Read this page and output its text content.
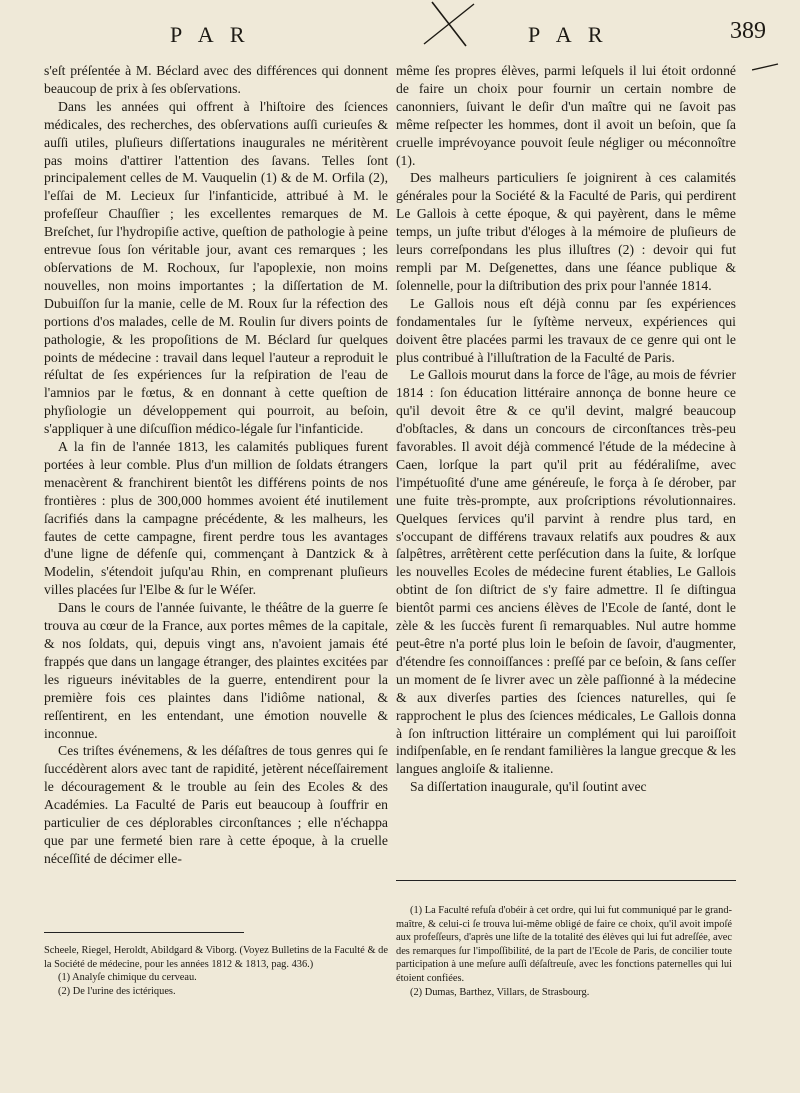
P A R	P A R	389

s'eſt préſentée à M. Béclard avec des différences qui donnent beaucoup de prix à ſes obſervations.

Dans les années qui offrent à l'hiſtoire des ſciences médicales, des recherches, des obſervations auſſi curieuſes & auſſi utiles, pluſieurs diſſertations inaugurales ne méritèrent pas moins d'attirer l'attention des ſavans. Telles ſont principalement celles de M. Vauquelin (1) & de M. Orfila (2), l'eſſai de M. Lecieux ſur l'infanticide, attribué à M. le profeſſeur Chauſſier ; les excellentes remarques de M. Breſchet, ſur l'hydropiſie active, queſtion de pathologie à peine entrevue ſous ſon véritable jour, avant ces remarques ; les obſervations de M. Rochoux, ſur l'apoplexie, non moins nouvelles, non moins importantes ; la diſſertation de M. Dubuiſſon ſur la manie, celle de M. Roux ſur la réfection des portions d'os malades, celle de M. Roulin ſur divers points de pathologie, & les propoſitions de M. Béclard ſur quelques points de médecine : travail dans lequel l'auteur a reproduit le réſultat de ſes expériences ſur la reſpiration de l'eau de l'amnios par le fœtus, & en donnant à cette queſtion de phyſiologie un développement qui pourroit, au beſoin, s'appliquer à une diſcuſſion médico-légale ſur l'infanticide.

A la fin de l'année 1813, les calamités publiques furent portées à leur comble. Plus d'un million de ſoldats étrangers menacèrent & franchirent bientôt les différens points de nos frontières : plus de 300,000 hommes avoient été inutilement ſacrifiés dans la campagne précédente, & les malheurs, les fautes de cette campagne, firent perdre tous les avantages d'une ligne de défenſe qui, commençant à Dantzick & à Modelin, s'étendoit juſqu'au Rhin, en comprenant pluſieurs villes placées ſur l'Elbe & ſur le Wéſer.

Dans le cours de l'année ſuivante, le théâtre de la guerre ſe trouva au cœur de la France, aux portes mêmes de la capitale, & nos ſoldats, qui, depuis vingt ans, n'avoient jamais été frappés que dans un langage étranger, des plaintes excitées par les rigueurs inévitables de la guerre, entendirent pour la première fois ces plaintes dans l'idiôme national, & reſſentirent, en les entendant, une émotion nouvelle & inconnue.

Ces triſtes événemens, & les déſaſtres de tous genres qui ſe ſuccédèrent alors avec tant de rapidité, jetèrent néceſſairement le découragement & le trouble au ſein des Ecoles & des Académies. La Faculté de Paris eut beaucoup à ſouffrir en particulier de ces déplorables circonſtances ; elle n'échappa que par une fermeté bien rare à cette époque, à la cruelle néceſſité de décimer elle-

même ſes propres élèves, parmi leſquels il lui étoit ordonné de faire un choix pour fournir un certain nombre de canonniers, ſuivant le deſir d'un maître qui ne ſavoit pas même reſpecter les hommes, dont il avoit un beſoin, que ſa cruelle imprévoyance pouvoit ſeule négliger ou méconnoître (1).

Des malheurs particuliers ſe joignirent à ces calamités générales pour la Société & la Faculté de Paris, qui perdirent Le Gallois à cette époque, & qui payèrent, dans le même temps, un juſte tribut d'éloges à la mémoire de pluſieurs de leurs correſpondans les plus illuſtres (2) : devoir qui fut rempli par M. Deſgenettes, dans une ſéance publique & ſolennelle, pour la diſtribution des prix pour l'année 1814.

Le Gallois nous eſt déjà connu par ſes expériences fondamentales ſur le ſyſtème nerveux, expériences qui doivent être placées parmi les travaux de ce genre qui ont le plus contribué à l'illuſtration de la Faculté de Paris.

Le Gallois mourut dans la force de l'âge, au mois de février 1814 : ſon éducation littéraire annonça de bonne heure ce qu'il devoit être & ce qu'il devint, malgré beaucoup d'obſtacles, & dans un concours de circonſtances très-peu favorables. Il avoit déjà commencé l'étude de la médecine à Caen, lorſque la part qu'il prit au fédéraliſme, avec l'impétuoſité d'une ame généreuſe, le força à ſe dérober, par une fuite très-prompte, aux proſcriptions révolutionnaires. Quelques ſervices qu'il parvint à rendre plus tard, en s'occupant de différens travaux relatifs aux poudres & aux ſalpêtres, arrêtèrent cette perſécution dans la ſuite, & lorſque les nouvelles Ecoles de médecine furent établies, Le Gallois obtint de ſon diſtrict de s'y faire admettre. Il ſe diſtingua bientôt parmi ces anciens élèves de l'Ecole de ſanté, dont le zèle & les ſuccès furent ſi remarquables. Nul autre homme peut-être n'a porté plus loin le beſoin de ſavoir, d'augmenter, d'étendre ſes connoiſſances : preſſé par ce beſoin, & ſans ceſſer un moment de ſe livrer avec un zèle paſſionné à la médecine & aux diverſes parties des ſciences naturelles, qui ſe rapprochent le plus des ſciences médicales, Le Gallois donna à ſon inſtruction littéraire un complément qui lui paroiſſoit indiſpenſable, en ſe rendant familières la langue grecque & les langues angloiſe & italienne.

Sa diſſertation inaugurale, qu'il ſoutint avec

Scheele, Riegel, Heroldt, Abildgard & Viborg. (Voyez Bulletins de la Faculté & de la Société de médecine, pour les années 1812 & 1813, pag. 436.)

(1) Analyſe chimique du cerveau.

(2) De l'urine des ictériques.

(1) La Faculté refuſa d'obéir à cet ordre, qui lui fut communiqué par le grand-maître, & celui-ci ſe trouva lui-même obligé de faire ce choix, qu'il avoit impoſé aux profeſſeurs, d'après une liſte de la totalité des élèves qui lui fut adreſſée, avec des remarques ſur l'impoſſibilité, de la part de l'Ecole de Paris, de concilier toute participation à une meſure auſſi déſaſtreuſe, avec les fonctions paternelles qui lui étoient confiées.

(2) Dumas, Barthez, Villars, de Strasbourg.
